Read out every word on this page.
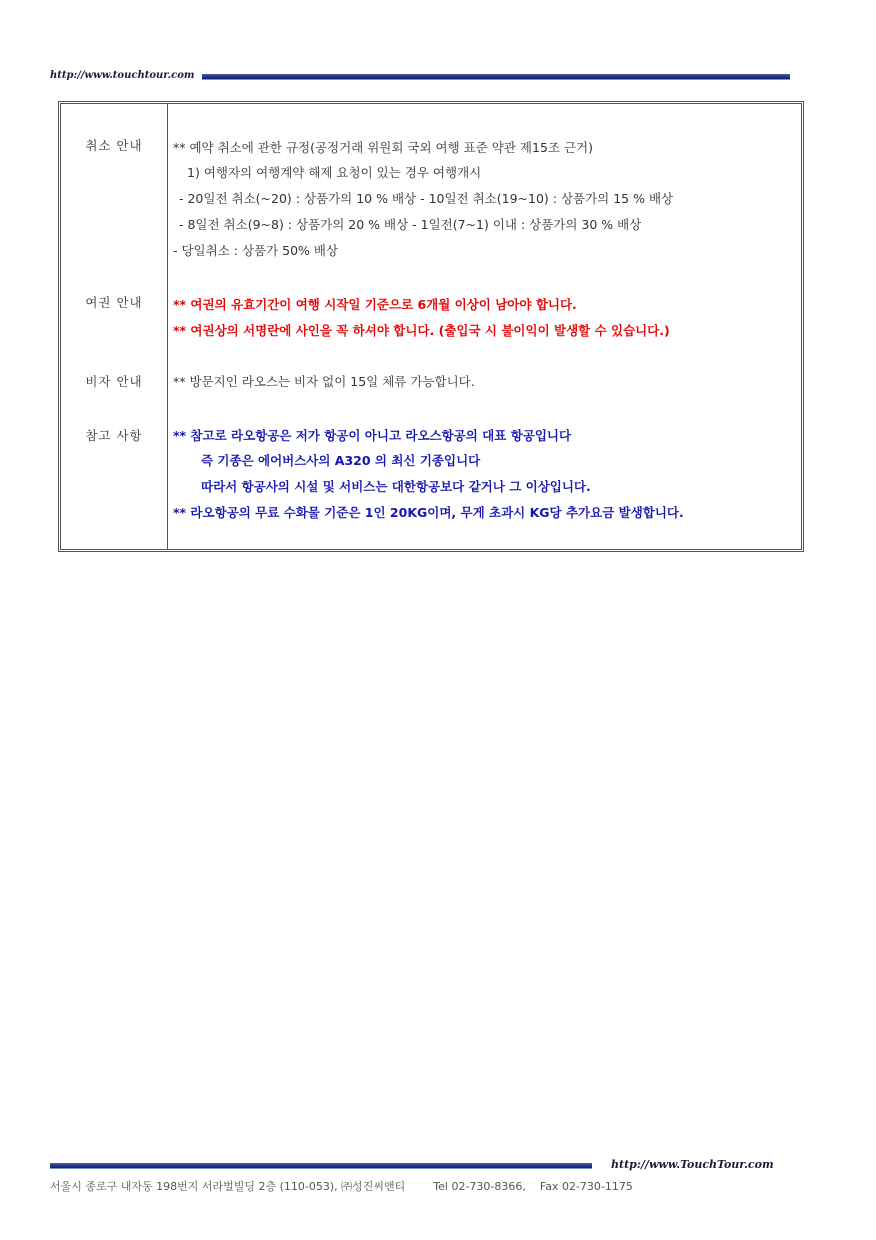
http://www.touchtour.com
취소 안내	** 예약 취소에 관한 규정(공정거래 위원회 국외 여행 표준 약관 제15조 근거)
1) 여행자의 여행계약 해제 요청이 있는 경우 여행개시
- 20일전 취소(~20) : 상품가의 10 % 배상 - 10일전 취소(19~10) : 상품가의 15 % 배상
- 8일전 취소(9~8) : 상품가의 20 % 배상 - 1일전(7~1) 이내 : 상품가의 30 % 배상
- 당일취소 : 상품가 50% 배상
여권 안내	** 여권의 유효기간이 여행 시작일 기준으로 6개월 이상이 남아야 합니다.
** 여권상의 서명란에 사인을 꼭 하셔야 합니다. (출입국 시 불이익이 발생할 수 있습니다.)
비자 안내	** 방문지인 라오스는 비자 없이 15일 체류 가능합니다.
참고 사항	** 참고로 라오항공은 저가 항공이 아니고 라오스항공의 대표 항공입니다
즉 기종은 에어버스사의 A320 의 최신 기종입니다
따라서 항공사의 시설 및 서비스는 대한항공보다 같거나 그 이상입니다.
** 라오항공의 무료 수화물 기준은 1인 20KG이며, 무게 초과시 KG당 추가요금 발생합니다.
http://www.TouchTour.com
서울시 종로구 내자동 198번지 서라벌빌딩 2층 (110-053), ㈜성진씨앤티	Tel 02-730-8366, Fax 02-730-1175
